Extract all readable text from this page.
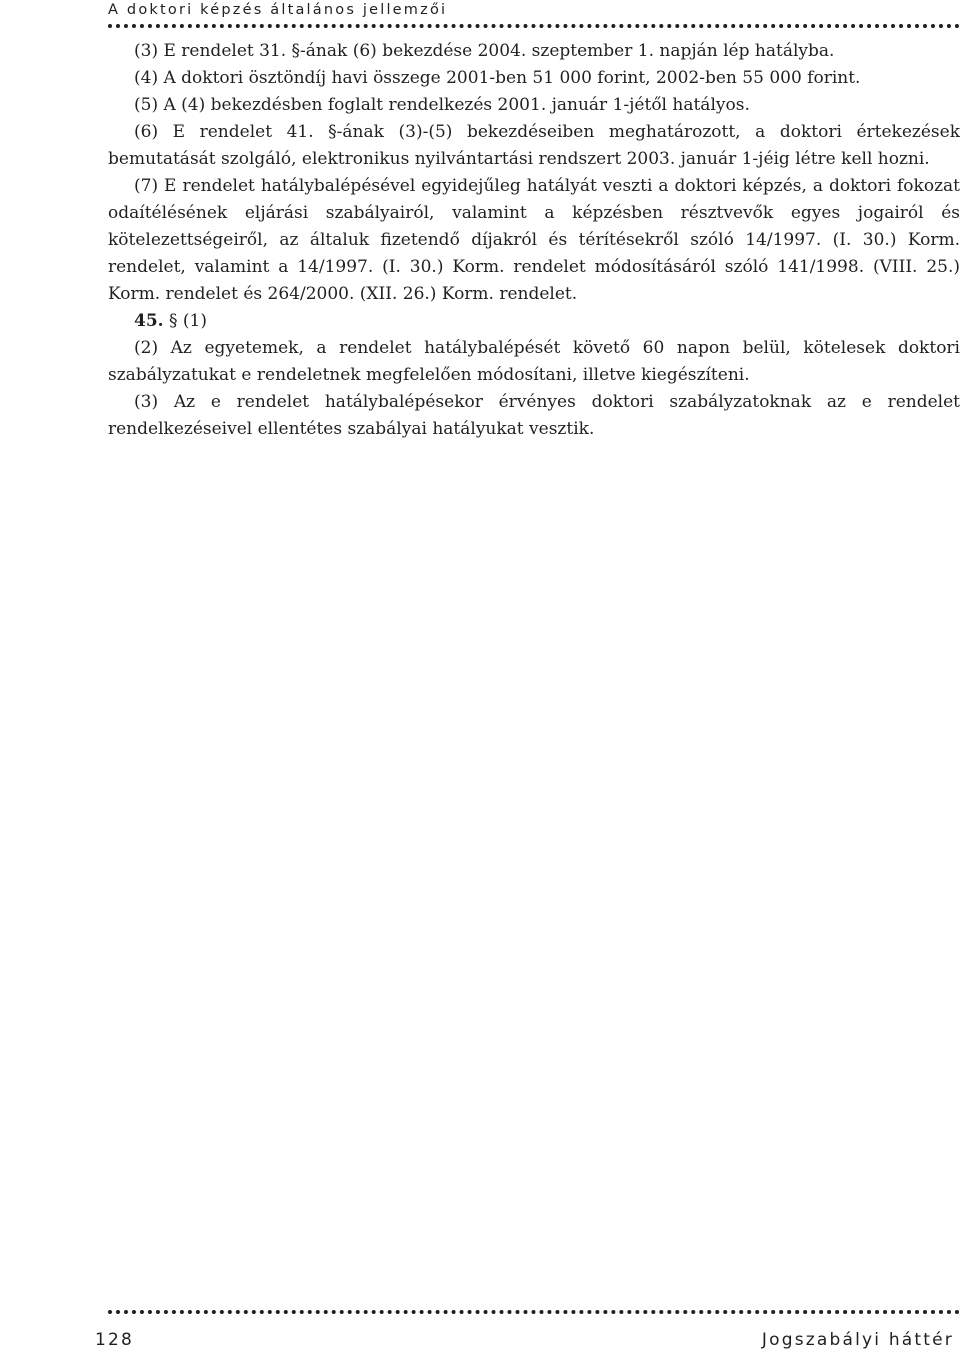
A doktori képzés általános jellemzői

(3) E rendelet 31. §-ának (6) bekezdése 2004. szeptember 1. napján lép hatályba.

(4) A doktori ösztöndíj havi összege 2001-ben 51 000 forint, 2002-ben 55 000 forint.

(5) A (4) bekezdésben foglalt rendelkezés 2001. január 1-jétől hatályos.

(6) E rendelet 41. §-ának (3)-(5) bekezdéseiben meghatározott, a doktori értekezések bemutatását szolgáló, elektronikus nyilvántartási rendszert 2003. január 1-jéig létre kell hozni.

(7) E rendelet hatálybalépésével egyidejűleg hatályát veszti a doktori képzés, a doktori fokozat odaítélésének eljárási szabályairól, valamint a képzésben résztvevők egyes jogairól és kötelezettségeiről, az általuk fizetendő díjakról és térítésekről szóló 14/1997. (I. 30.) Korm. rendelet, valamint a 14/1997. (I. 30.) Korm. rendelet módosításáról szóló 141/1998. (VIII. 25.) Korm. rendelet és 264/2000. (XII. 26.) Korm. rendelet.

45. § (1)

(2) Az egyetemek, a rendelet hatálybalépését követő 60 napon belül, kötelesek doktori szabályzatukat e rendeletnek megfelelően módosítani, illetve kiegészíteni.

(3) Az e rendelet hatálybalépésekor érvényes doktori szabályzatoknak az e rendelet rendelkezéseivel ellentétes szabályai hatályukat vesztik.

128	Jogszabályi háttér
